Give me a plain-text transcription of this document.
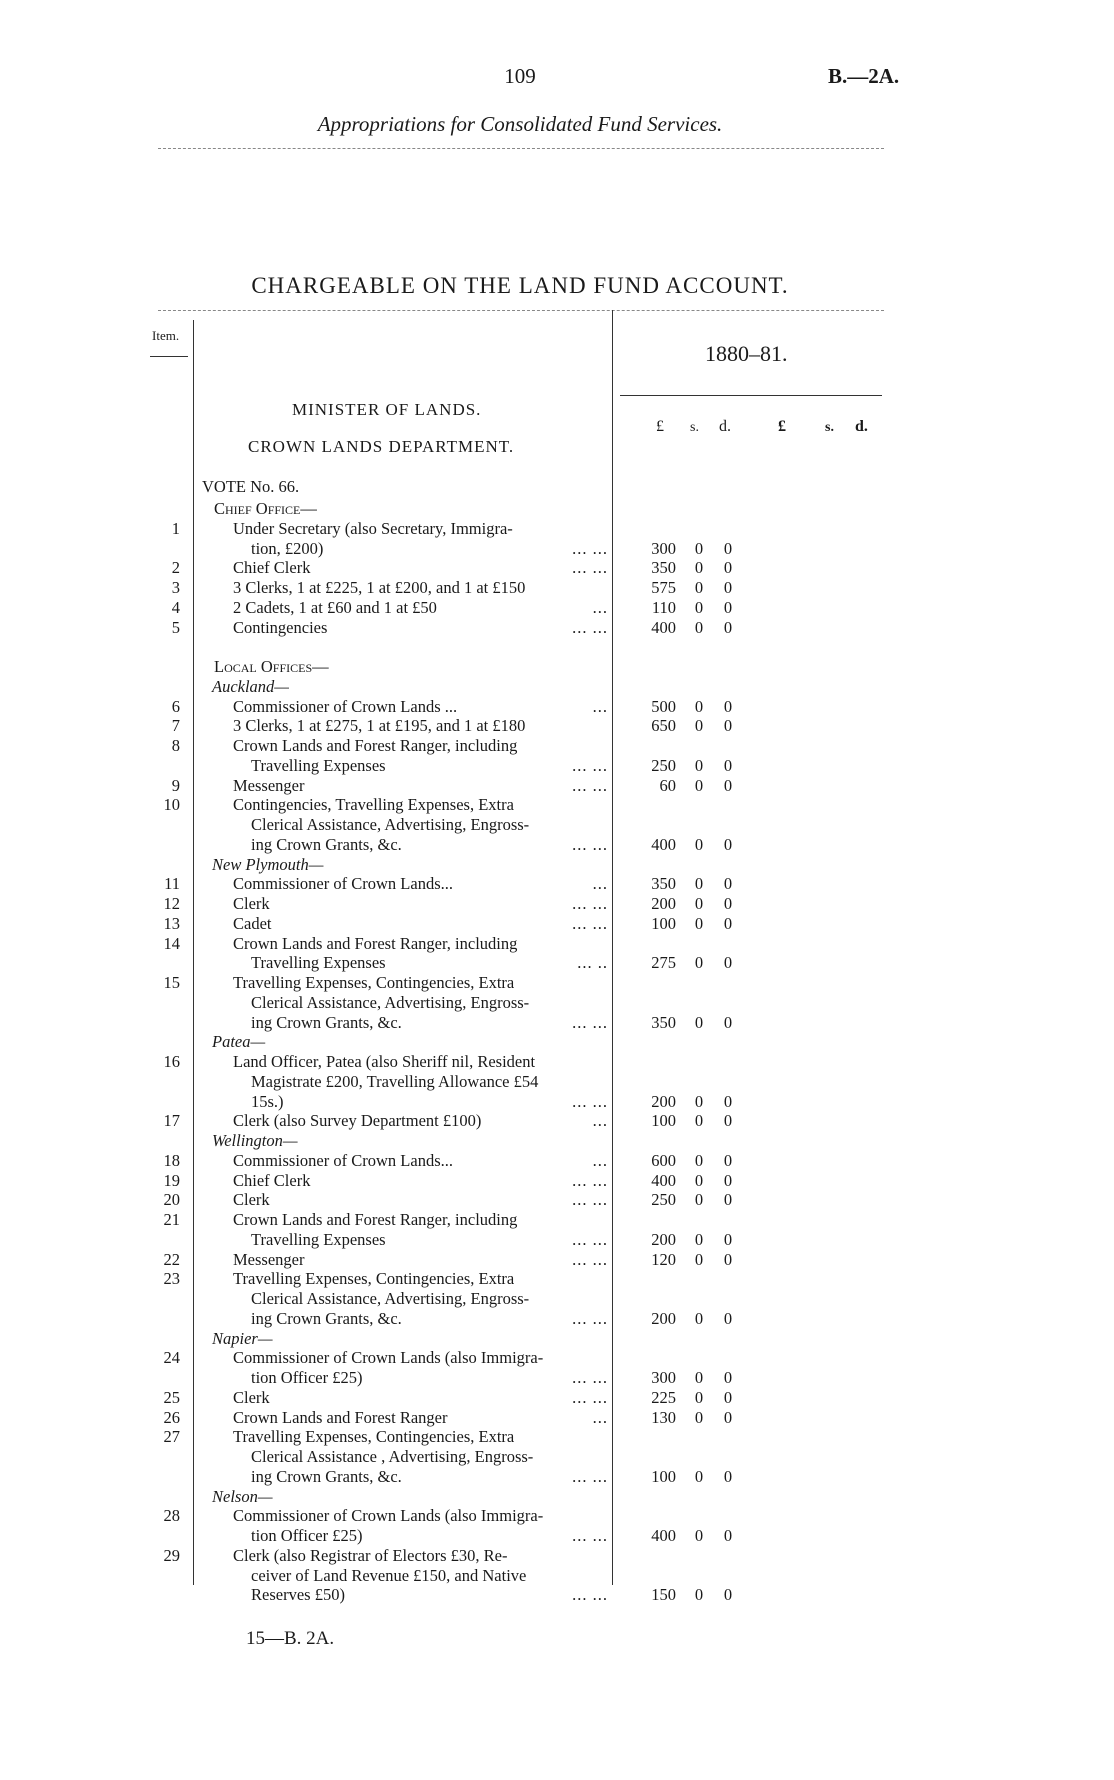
109	B.—2A.
Appropriations for Consolidated Fund Services.
CHARGEABLE ON THE LAND FUND ACCOUNT.
Item.
1880–81.
MINISTER OF LANDS.
CROWN LANDS DEPARTMENT.
£ s. d.	£	s. d.
VOTE No. 66.
Chief Office—
1	Under Secretary (also Secretary, Immigra-
tion, £200)	... ...	300	0	0
2	Chief Clerk	... ...	350	0	0
3	3 Clerks, 1 at £225, 1 at £200, and 1 at £150	575	0	0
4	2 Cadets, 1 at £60 and 1 at £50	...	110	0	0
5	Contingencies	... ...	400	0	0
Local Offices—
Auckland—
6	Commissioner of Crown Lands ...	...	500	0	0
7	3 Clerks, 1 at £275, 1 at £195, and 1 at £180	650	0	0
8	Crown Lands and Forest Ranger, including
Travelling Expenses	... ...	250	0	0
9	Messenger	... ...	60	0	0
10	Contingencies, Travelling Expenses, Extra
Clerical Assistance, Advertising, Engross-
ing Crown Grants, &c.	... ...	400	0	0
New Plymouth—
11	Commissioner of Crown Lands...	...	350	0	0
12	Clerk	... ...	200	0	0
13	Cadet	... ...	100	0	0
14	Crown Lands and Forest Ranger, including
Travelling Expenses	... ..	275	0	0
15	Travelling Expenses, Contingencies, Extra
Clerical Assistance, Advertising, Engross-
ing Crown Grants, &c.	... ...	350	0	0
Patea—
16	Land Officer, Patea (also Sheriff nil, Resident
Magistrate £200, Travelling Allowance £54
15s.)	... ...	200	0	0
17	Clerk (also Survey Department £100)	...	100	0	0
Wellington—
18	Commissioner of Crown Lands...	...	600	0	0
19	Chief Clerk	... ...	400	0	0
20	Clerk	... ...	250	0	0
21	Crown Lands and Forest Ranger, including
Travelling Expenses	... ...	200	0	0
22	Messenger	... ...	120	0	0
23	Travelling Expenses, Contingencies, Extra
Clerical Assistance, Advertising, Engross-
ing Crown Grants, &c.	... ...	200	0	0
Napier—
24	Commissioner of Crown Lands (also Immigra-
tion Officer £25)	... ...	300	0	0
25	Clerk	... ...	225	0	0
26	Crown Lands and Forest Ranger	...	130	0	0
27	Travelling Expenses, Contingencies, Extra
Clerical Assistance , Advertising, Engross-
ing Crown Grants, &c.	... ...	100	0	0
Nelson—
28	Commissioner of Crown Lands (also Immigra-
tion Officer £25)	... ...	400	0	0
29	Clerk (also Registrar of Electors £30, Re-
ceiver of Land Revenue £150, and Native
Reserves £50)	... ...	150	0	0
15—B. 2A.
